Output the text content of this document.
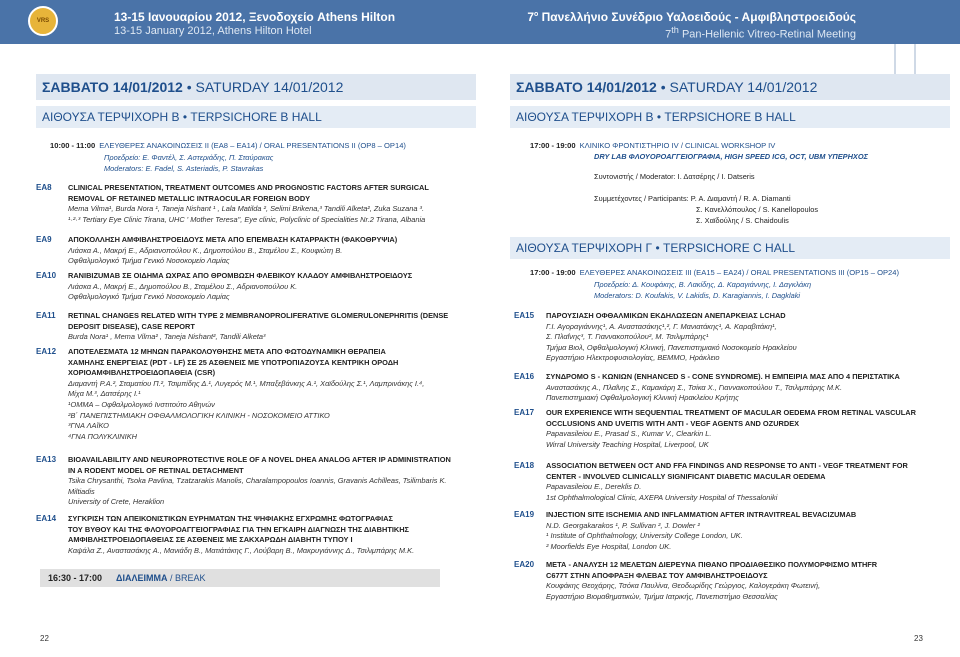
VRS	13-15 Ιανουαρίου 2012, Ξενοδοχείο Athens Hilton
13-15 January 2012, Athens Hilton Hotel
$7^o$ Πανελλήνιο Συνέδριο Υαλοειδούς - Αμφιβληστροειδούς
7th Pan-Hellenic Vitreo-Retinal Meeting
ΣΑΒΒΑΤΟ 14/01/2012 • SATURDAY 14/01/2012
ΑΙΘΟΥΣΑ ΤΕΡΨΙΧΟΡΗ Β • TERPSICHORE B HALL
10:00 - 11:00 ΕΛΕΥΘΕΡΕΣ ΑΝΑΚΟΙΝΩΣΕΙΣ ΙΙ (ΕΑ8 – ΕΑ14) / ORAL PRESENTATIONS II (OP8 – OP14)
Προεδρείο: Ε. Φαντέλ, Σ. Αστεριάδης, Π. Σταύρακας
Moderators: E. Fadel, S. Asteriadis, P. Stavrakas
EA8 CLINICAL PRESENTATION, TREATMENT OUTCOMES AND PROGNOSTIC FACTORS AFTER SURGICAL
REMOVAL OF RETAINED METALLIC INTRAOCULAR FOREIGN BODY
Mema Vilma¹, Burda Nora ¹, Taneja Nishant ¹ , Lala Matilda ², Selimi Brikena,³ Tandili Alketa², Zuka Suzana ³.
¹·²·³ Tertiary Eye Clinic Tirana, UHC ' Mother Teresa", Eye clinic, Polyclinic of Specialities Nr.2 Tirana, Albania
EA9 ΑΠΟΚΟΛΛΗΣΗ ΑΜΦΙΒΛΗΣΤΡΟΕΙΔΟΥΣ ΜΕΤΑ ΑΠΟ ΕΠΕΜΒΑΣΗ ΚΑΤΑΡΡΑΚΤΗ (ΦΑΚΟΘΡΥΨΙΑ)
Λιάσκα Α., Μακρή Ε., Αδριανοπούλου Κ., Δημοπούλου Β., Σταμέλου Σ., Κουφιώτη Β.
Οφθαλμολογικό Τμήμα Γενικό Νοσοκομείο Λαμίας
EA10 RANIBIZUMAB ΣΕ ΟΙΔΗΜΑ ΩΧΡΑΣ ΑΠΟ ΘΡΟΜΒΩΣΗ ΦΛΕΒΙΚΟΥ ΚΛΑΔΟΥ ΑΜΦΙΒΛΗΣΤΡΟΕΙΔΟΥΣ
Λιάσκα Α., Μακρή Ε., Δημοπούλου Β., Σταμέλου Σ., Αδριανοπούλου Κ.
Οφθαλμολογικό Τμήμα Γενικό Νοσοκομείο Λαμίας
EA11 RETINAL CHANGES RELATED WITH TYPE 2 MEMBRANOPROLIFERATIVE GLOMERULONEPHRITIS (DENSE
DEPOSIT DISEASE), CASE REPORT
Burda Nora¹ , Mema Vilma² , Taneja Nishant², Tandili Alketa³
EA12 ΑΠΟΤΕΛΕΣΜΑΤΑ 12 ΜΗΝΩΝ ΠΑΡΑΚΟΛΟΥΘΗΣΗΣ ΜΕΤΑ ΑΠΟ ΦΩΤΟΔΥΝΑΜΙΚΗ ΘΕΡΑΠΕΙΑ
ΧΑΜΗΛΗΣ ΕΝΕΡΓΕΙΑΣ (PDT - LF) ΣΕ 25 ΑΣΘΕΝΕΙΣ ΜΕ ΥΠΟΤΡΟΠΙΑΖΟΥΣΑ ΚΕΝΤΡΙΚΗ ΟΡΟΔΗ
ΧΟΡΙΟΑΜΦΙΒΛΗΣΤΡΟΕΙΔΟΠΑΘΕΙΑ (CSR)
Διαμαντή Ρ.Α.², Σταματίου Π.², Τσιμπίδης Δ.¹, Λυγερός Μ.¹, Μπαξεβάνκης Α.¹, Χαϊδούλης Σ.¹, Λαμπρινάκης Ι.⁴,
Μίχα Μ.³, Δατσέρης Ι.¹
¹ΟΜΜΑ – Οφθαλμολογικό Ινστιτούτο Αθηνών
²Β΄ ΠΑΝΕΠΙΣΤΗΜΙΑΚΗ ΟΦΘΑΛΜΟΛΟΓΙΚΗ ΚΛΙΝΙΚΗ - ΝΟΣΟΚΟΜΕΙΟ ΑΤΤΙΚΟ
³ΓΝΑ ΛΑΪΚΟ
⁴ΓΝΑ ΠΟΛΥΚΛΙΝΙΚΗ
EA13 BIOAVAILABILITY AND NEUROPROTECTIVE ROLE OF A NOVEL DHEA ANALOG AFTER IP ADMINISTRATION
IN A RODENT MODEL OF RETINAL DETACHMENT
Tsika Chrysanthi, Tsoka Pavlina, Tzatzarakis Manolis, Charalampopoulos Ioannis, Gravanis Achilleas, Tsilimbaris K.
Miltiadis
University of Crete, Heraklion
EA14 ΣΥΓΚΡΙΣΗ ΤΩΝ ΑΠΕΙΚΟΝΙΣΤΙΚΩΝ ΕΥΡΗΜΑΤΩΝ ΤΗΣ ΨΗΦΙΑΚΗΣ ΕΓΧΡΩΜΗΣ ΦΩΤΟΓΡΑΦΙΑΣ
ΤΟΥ ΒΥΘΟΥ ΚΑΙ ΤΗΣ ΦΛΟΥΟΡΟΑΓΓΕΙΟΓΡΑΦΙΑΣ ΓΙΑ ΤΗΝ ΕΓΚΑΙΡΗ ΔΙΑΓΝΩΣΗ ΤΗΣ ΔΙΑΒΗΤΙΚΗΣ
ΑΜΦΙΒΛΗΣΤΡΟΕΙΔΟΠΑΘΕΙΑΣ ΣΕ ΑΣΘΕΝΕΙΣ ΜΕ ΣΑΚΧΑΡΩΔΗ ΔΙΑΒΗΤΗ ΤΥΠΟΥ Ι
Καψάλα Ζ., Αναστασάκης Α., Μανιάδη Β., Ματιάτάκης Γ., Λούβαρη Β., Μακρυγιάννης Δ., Τσιλιμπάρης Μ.Κ.
16:30 - 17:00 ΔΙΑΛΕΙΜΜΑ / BREAK
22
ΣΑΒΒΑΤΟ 14/01/2012 • SATURDAY 14/01/2012
ΑΙΘΟΥΣΑ ΤΕΡΨΙΧΟΡΗ Β • TERPSICHORE B HALL
17:00 - 19:00 ΚΛΙΝΙΚΟ ΦΡΟΝΤΙΣΤΗΡΙΟ IV / CLINICAL WORKSHOP IV
DRY LAB ΦΛΟΥΟΡΟΑΓΓΕΙΟΓΡΑΦΙΑ, HIGH SPEED ICG, OCT, UBM ΥΠΕΡΗΧΟΣ
Συντονιστής / Moderator: Ι. Δατσέρης / I. Datseris
Συμμετέχοντες / Participants: Ρ. Α. Διαμαντή / R. A. Diamanti
Σ. Κανελλόπουλος / S. Kanellopoulos
Σ. Χαϊδούλης / S. Chaidoulis
ΑΙΘΟΥΣΑ ΤΕΡΨΙΧΟΡΗ Γ • TERPSICHORE C HALL
17:00 - 19:00 ΕΛΕΥΘΕΡΕΣ ΑΝΑΚΟΙΝΩΣΕΙΣ ΙΙΙ (ΕΑ15 – ΕΑ24) / ORAL PRESENTATIONS III (OP15 – OP24)
Προεδρείο: Δ. Κουφάκης, Β. Λακίδης, Δ. Καραγιάννης, Ι. Δαγκλάκη
Moderators: D. Koufakis, V. Lakidis, D. Karagiannis, I. Dagklaki
EA15 ΠΑΡΟΥΣΙΑΣΗ ΟΦΘΑΛΜΙΚΩΝ ΕΚΔΗΛΩΣΕΩΝ ΑΝΕΠΑΡΚΕΙΑΣ LCHAD
Γ.Ι. Αγοραγιάννης¹, Α. Αναστασάκης¹,², Γ. Μανιατάκης¹, Α. Καραβιτάκη¹,
Σ. Πλαΐνης³, Τ. Γιαννακοπούλου², Μ. Τσιλιμπάρης¹
Τμήμα Βιολ, Οφθαλμολογική Κλινική, Πανεπιστημιακό Νοσοκομείο Ηρακλείου
Εργαστήριο Ηλεκτροφυσιολογίας, ΒΕΜΜΟ, Ηράκλειο
EA16 ΣΥΝΔΡΟΜΟ S - ΚΩΝΙΩΝ (ENHANCED S - CONE SYNDROME). Η ΕΜΠΕΙΡΙΑ ΜΑΣ ΑΠΟ 4 ΠΕΡΙΣΤΑΤΙΚΑ
Αναστασάκης Α., Πλαΐνης Σ., Καμακάρη Σ., Τσίκα Χ., Γιαννακοπούλου Τ., Τσιλιμπάρης Μ.Κ.
Πανεπιστημιακή Οφθαλμολογική Κλινική Ηρακλείου Κρήτης
EA17 OUR EXPERIENCE WITH SEQUENTIAL TREATMENT OF MACULAR OEDEMA FROM RETINAL VASCULAR
OCCLUSIONS AND UVEITIS WITH ANTI - VEGF AGENTS AND OZURDEX
Papavasileiou E., Prasad S., Kumar V., Clearkin L.
Wirral University Teaching Hospital, Liverpool, UK
EA18 ASSOCIATION BETWEEN OCT AND FFA FINDINGS AND RESPONSE TO ANTI - VEGF TREATMENT FOR
CENTER - INVOLVED CLINICALLY SIGNIFICANT DIABETIC MACULAR OEDEMA
Papavasileiou E., Dereklis D.
1st Ophthalmological Clinic, AXEPA University Hospital of Thessaloniki
EA19 INJECTION SITE ISCHEMIA AND INFLAMMATION AFTER INTRAVITREAL BEVACIZUMAB
N.D. Georgakarakos ¹, P. Sullivan ², J. Dowler ²
¹ Institute of Ophthalmology, University College London, UK.
² Moorfields Eye Hospital, London UK.
EA20 ΜΕΤΑ - ΑΝΑΛΥΣΗ 12 ΜΕΛΕΤΩΝ ΔΙΕΡΕΥΝΑ ΠΙΘΑΝΟ ΠΡΟΔΙΑΘΕΣΙΚΟ ΠΟΛΥΜΟΡΦΙΣΜΟ MTHFR
C677T ΣΤΗΝ ΑΠΟΦΡΑΞΗ ΦΛΕΒΑΣ ΤΟΥ ΑΜΦΙΒΛΗΣΤΡΟΕΙΔΟΥΣ
Κουφάκης Θεοχάρης, Τσόκα Παυλίνα, Θεοδωρίδης Γεώργιος, Καλογεράκη Φωτεινή,
Εργαστήριο Βιομαθηματικών, Τμήμα Ιατρικής, Πανεπιστήμιο Θεσσαλίας
23
